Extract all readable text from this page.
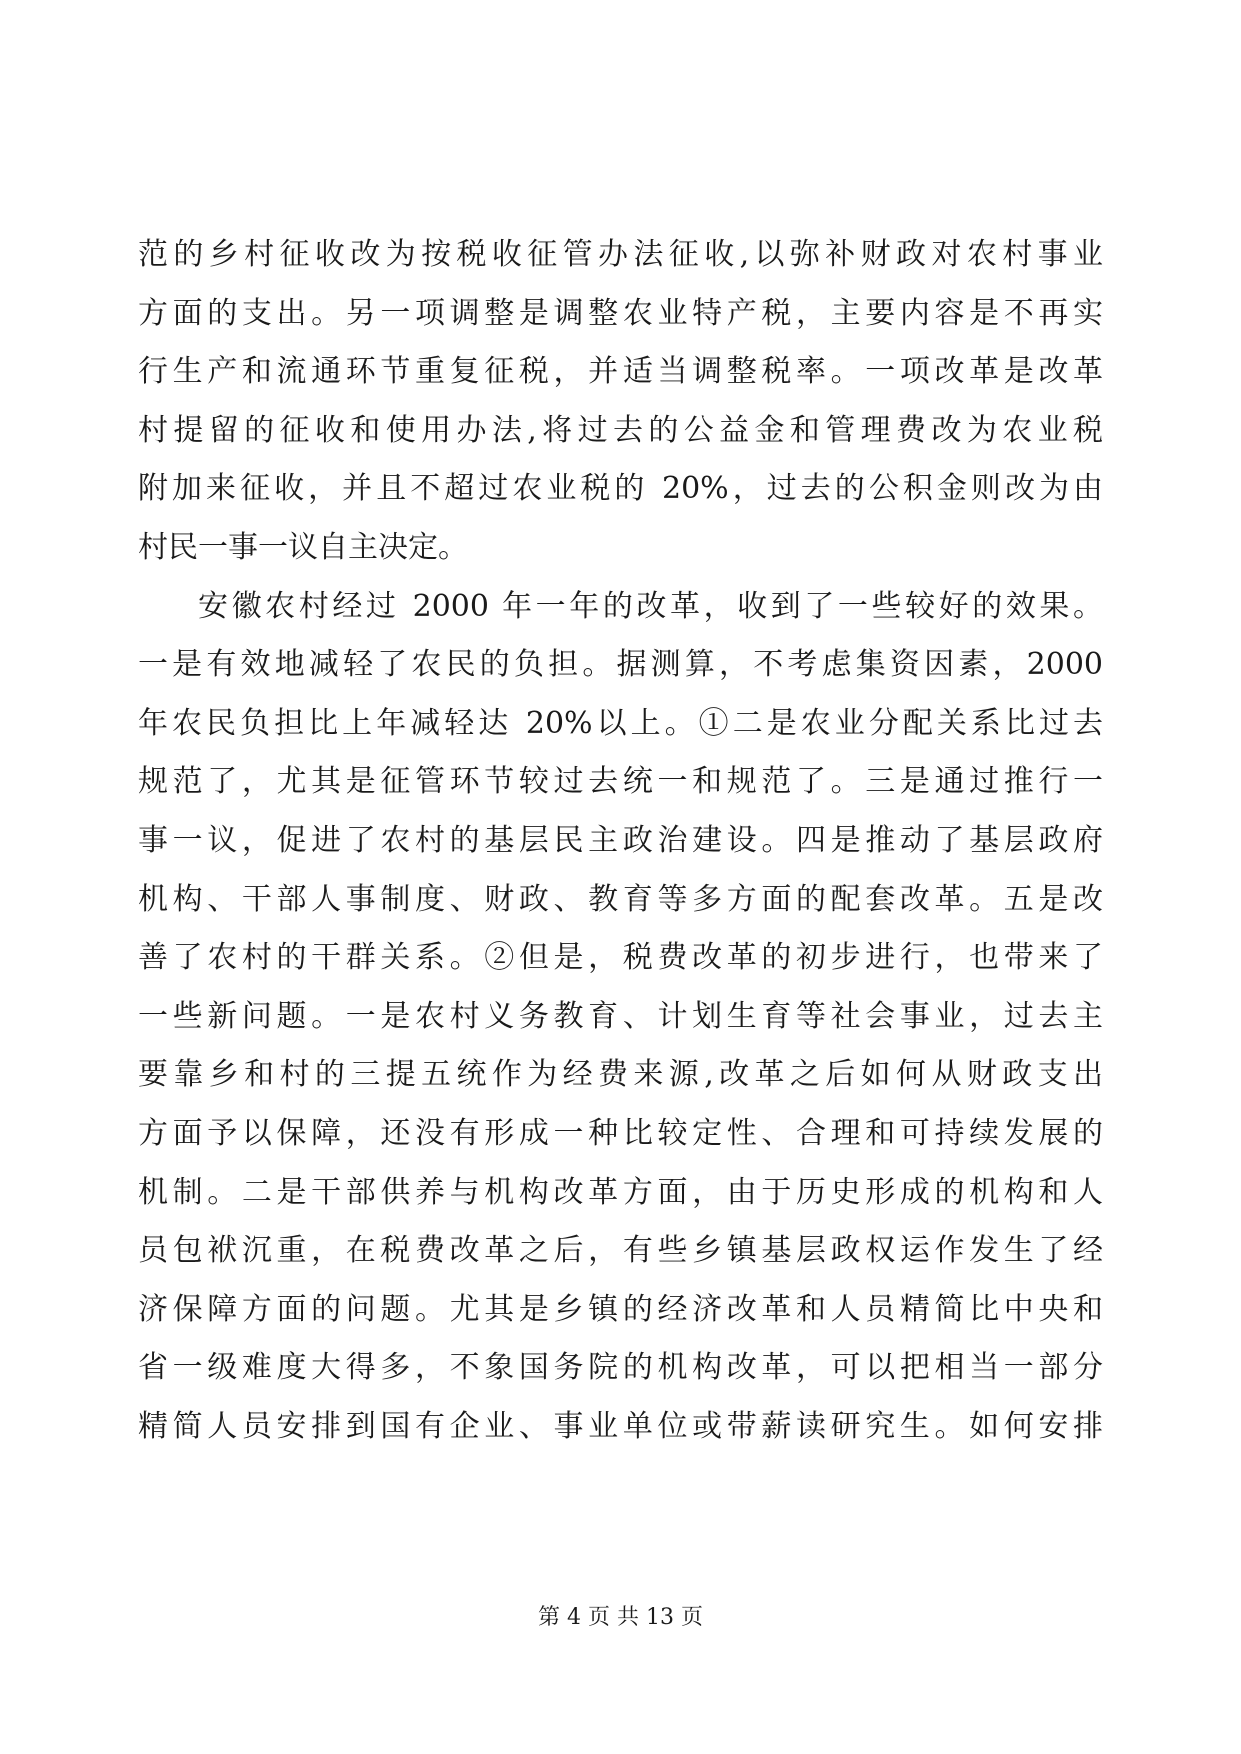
范的乡村征收改为按税收征管办法征收,以弥补财政对农村事业
方面的支出。另一项调整是调整农业特产税，主要内容是不再实
行生产和流通环节重复征税，并适当调整税率。一项改革是改革
村提留的征收和使用办法,将过去的公益金和管理费改为农业税
附加来征收，并且不超过农业税的 20%，过去的公积金则改为由
村民一事一议自主决定。
安徽农村经过 2000 年一年的改革，收到了一些较好的效果。
一是有效地减轻了农民的负担。据测算，不考虑集资因素，2000
年农民负担比上年减轻达 20%以上。①二是农业分配关系比过去
规范了，尤其是征管环节较过去统一和规范了。三是通过推行一
事一议，促进了农村的基层民主政治建设。四是推动了基层政府
机构、干部人事制度、财政、教育等多方面的配套改革。五是改
善了农村的干群关系。②但是，税费改革的初步进行，也带来了
一些新问题。一是农村义务教育、计划生育等社会事业，过去主
要靠乡和村的三提五统作为经费来源,改革之后如何从财政支出
方面予以保障，还没有形成一种比较定性、合理和可持续发展的
机制。二是干部供养与机构改革方面，由于历史形成的机构和人
员包袱沉重，在税费改革之后，有些乡镇基层政权运作发生了经
济保障方面的问题。尤其是乡镇的经济改革和人员精简比中央和
省一级难度大得多，不象国务院的机构改革，可以把相当一部分
精简人员安排到国有企业、事业单位或带薪读研究生。如何安排
第 4 页 共 13 页
